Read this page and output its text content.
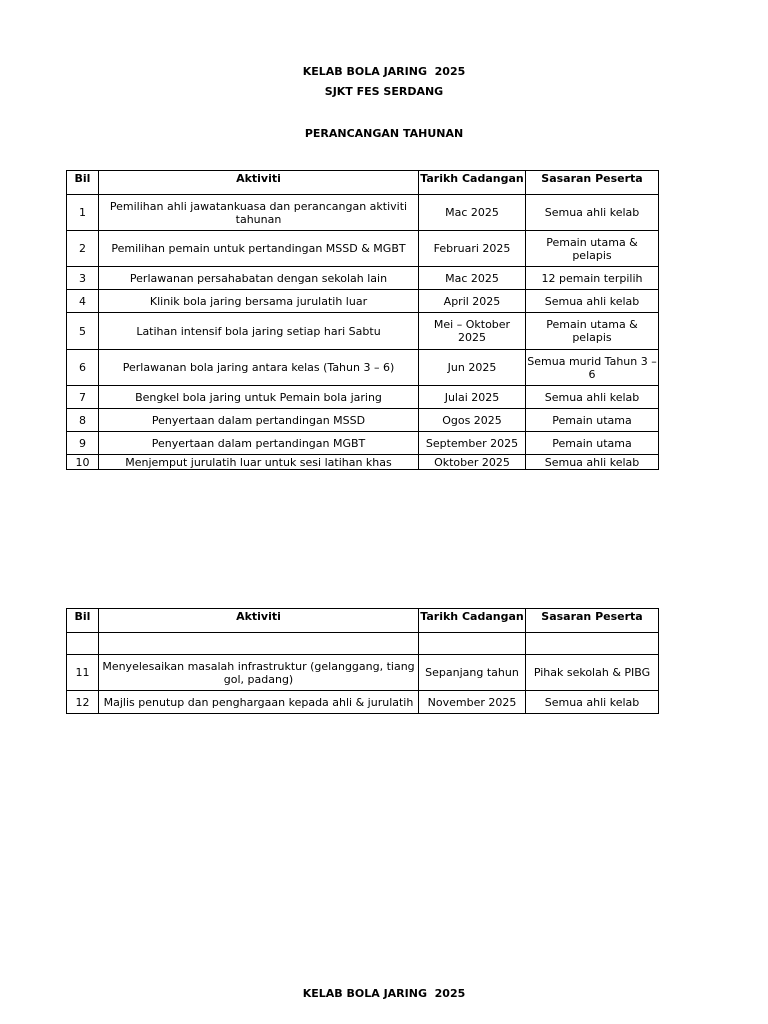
KELAB BOLA JARING  2025
SJKT FES SERDANG
PERANCANGAN TAHUNAN
Bil	Aktiviti	Tarikh Cadangan	Sasaran Peserta
1	Pemilihan ahli jawatankuasa dan perancangan aktiviti tahunan	Mac 2025	Semua ahli kelab
2	Pemilihan pemain untuk pertandingan MSSD & MGBT	Februari 2025	Pemain utama & pelapis
3	Perlawanan persahabatan dengan sekolah lain	Mac 2025	12 pemain terpilih
4	Klinik bola jaring bersama jurulatih luar	April 2025	Semua ahli kelab
5	Latihan intensif bola jaring setiap hari Sabtu	Mei – Oktober 2025	Pemain utama & pelapis
6	Perlawanan bola jaring antara kelas (Tahun 3 – 6)	Jun 2025	Semua murid Tahun 3 – 6
7	Bengkel bola jaring untuk Pemain bola jaring	Julai 2025	Semua ahli kelab
8	Penyertaan dalam pertandingan MSSD	Ogos 2025	Pemain utama
9	Penyertaan dalam pertandingan MGBT	September 2025	Pemain utama
10	Menjemput jurulatih luar untuk sesi latihan khas	Oktober 2025	Semua ahli kelab
Bil	Aktiviti	Tarikh Cadangan	Sasaran Peserta

11	Menyelesaikan masalah infrastruktur (gelanggang, tiang gol, padang)	Sepanjang tahun	Pihak sekolah & PIBG
12	Majlis penutup dan penghargaan kepada ahli & jurulatih	November 2025	Semua ahli kelab
KELAB BOLA JARING  2025
